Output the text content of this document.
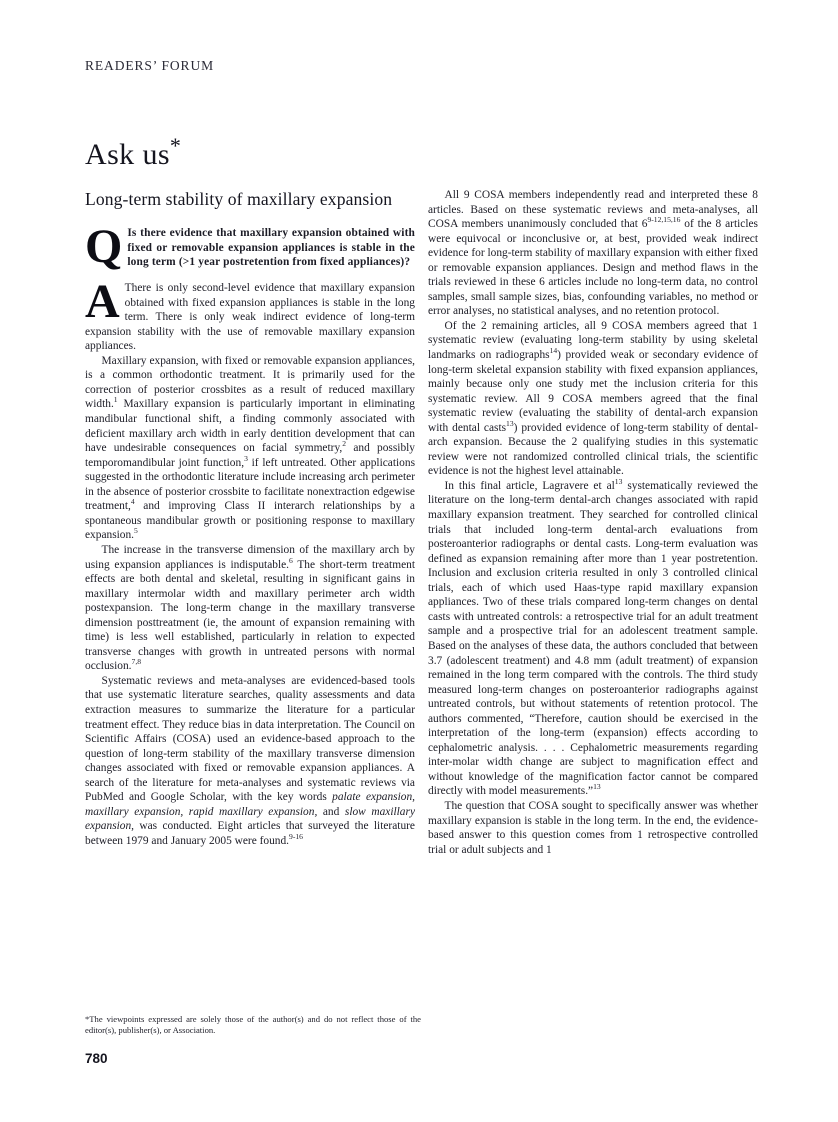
READERS’ FORUM
Ask us*
Long-term stability of maxillary expansion
Q Is there evidence that maxillary expansion obtained with fixed or removable expansion appliances is stable in the long term (>1 year postretention from fixed appliances)?
A There is only second-level evidence that maxillary expansion obtained with fixed expansion appliances is stable in the long term. There is only weak indirect evidence of long-term expansion stability with the use of removable maxillary expansion appliances.

Maxillary expansion, with fixed or removable expansion appliances, is a common orthodontic treatment. It is primarily used for the correction of posterior crossbites as a result of reduced maxillary width.$^1$ Maxillary expansion is particularly important in eliminating mandibular functional shift, a finding commonly associated with deficient maxillary arch width in early dentition development that can have undesirable consequences on facial symmetry,$^2$ and possibly temporomandibular joint function,$^3$ if left untreated. Other applications suggested in the orthodontic literature include increasing arch perimeter in the absence of posterior crossbite to facilitate nonextraction edgewise treatment,$^4$ and improving Class II interarch relationships by a spontaneous mandibular growth or positioning response to maxillary expansion.$^5$

The increase in the transverse dimension of the maxillary arch by using expansion appliances is indisputable.$^6$ The short-term treatment effects are both dental and skeletal, resulting in significant gains in maxillary intermolar width and maxillary perimeter arch width postexpansion. The long-term change in the maxillary transverse dimension posttreatment (ie, the amount of expansion remaining with time) is less well established, particularly in relation to expected transverse changes with growth in untreated persons with normal occlusion.$^{7,8}$

Systematic reviews and meta-analyses are evidenced-based tools that use systematic literature searches, quality assessments and data extraction measures to summarize the literature for a particular treatment effect. They reduce bias in data interpretation. The Council on Scientific Affairs (COSA) used an evidence-based approach to the question of long-term stability of the maxillary transverse dimension changes associated with fixed or removable expansion appliances. A search of the literature for meta-analyses and systematic reviews via PubMed and Google Scholar, with the key words palate expansion, maxillary expansion, rapid maxillary expansion, and slow maxillary expansion, was conducted. Eight articles that surveyed the literature between 1979 and January 2005 were found.$^{9-16}$

All 9 COSA members independently read and interpreted these 8 articles. Based on these systematic reviews and meta-analyses, all COSA members unanimously concluded that 6$^{9-12,15,16}$ of the 8 articles were equivocal or inconclusive or, at best, provided weak indirect evidence for long-term stability of maxillary expansion with either fixed or removable expansion appliances. Design and method flaws in the trials reviewed in these 6 articles include no long-term data, no control samples, small sample sizes, bias, confounding variables, no method or error analyses, no statistical analyses, and no retention protocol.

Of the 2 remaining articles, all 9 COSA members agreed that 1 systematic review (evaluating long-term stability by using skeletal landmarks on radiographs$^{14}$) provided weak or secondary evidence of long-term skeletal expansion stability with fixed expansion appliances, mainly because only one study met the inclusion criteria for this systematic review. All 9 COSA members agreed that the final systematic review (evaluating the stability of dental-arch expansion with dental casts$^{13}$) provided evidence of long-term stability of dental-arch expansion. Because the 2 qualifying studies in this systematic review were not randomized controlled clinical trials, the scientific evidence is not the highest level attainable.

In this final article, Lagravere et $al^{13}$ systematically reviewed the literature on the long-term dental-arch changes associated with rapid maxillary expansion treatment. They searched for controlled clinical trials that included long-term dental-arch evaluations from posteroanterior radiographs or dental casts. Long-term evaluation was defined as expansion remaining after more than 1 year postretention. Inclusion and exclusion criteria resulted in only 3 controlled clinical trials, each of which used Haas-type rapid maxillary expansion appliances. Two of these trials compared long-term changes on dental casts with untreated controls: a retrospective trial for an adult treatment sample and a prospective trial for an adolescent treatment sample. Based on the analyses of these data, the authors concluded that between 3.7 (adolescent treatment) and 4.8 mm (adult treatment) of expansion remained in the long term compared with the controls. The third study measured long-term changes on posteroanterior radiographs against untreated controls, but without statements of retention protocol. The authors commented, “Therefore, caution should be exercised in the interpretation of the long-term (expansion) effects according to cephalometric analysis. . . . Cephalometric measurements regarding inter-molar width change are subject to magnification effect and without knowledge of the magnification factor cannot be compared directly with model measurements.”$^{13}$

The question that COSA sought to specifically answer was whether maxillary expansion is stable in the long term. In the end, the evidence-based answer to this question comes from 1 retrospective controlled trial or adult subjects and 1

*The viewpoints expressed are solely those of the author(s) and do not reflect those of the editor(s), publisher(s), or Association.
780
